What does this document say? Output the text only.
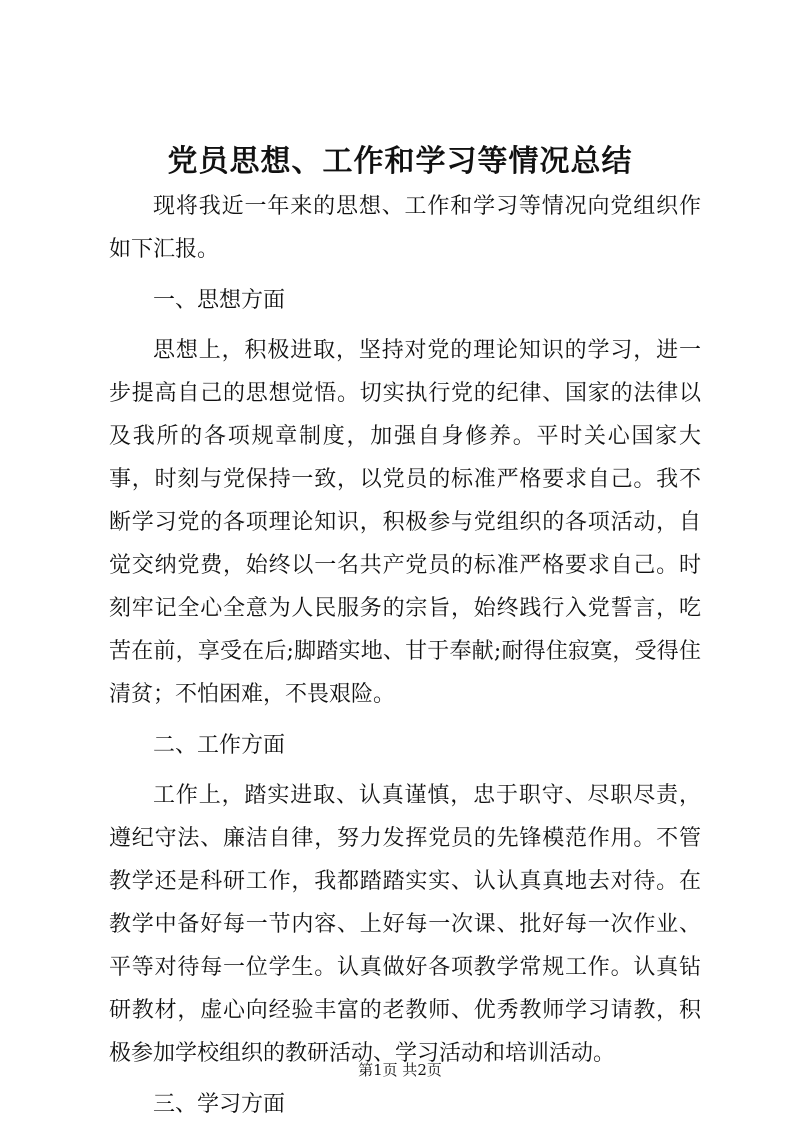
党员思想、工作和学习等情况总结

现将我近一年来的思想、工作和学习等情况向党组织作如下汇报。

一、思想方面

思想上，积极进取，坚持对党的理论知识的学习，进一步提高自己的思想觉悟。切实执行党的纪律、国家的法律以及我所的各项规章制度，加强自身修养。平时关心国家大事，时刻与党保持一致，以党员的标准严格要求自己。我不断学习党的各项理论知识，积极参与党组织的各项活动，自觉交纳党费，始终以一名共产党员的标准严格要求自己。时刻牢记全心全意为人民服务的宗旨，始终践行入党誓言，吃苦在前，享受在后;脚踏实地、甘于奉献;耐得住寂寞，受得住清贫；不怕困难，不畏艰险。

二、工作方面

工作上，踏实进取、认真谨慎，忠于职守、尽职尽责，遵纪守法、廉洁自律，努力发挥党员的先锋模范作用。不管教学还是科研工作，我都踏踏实实、认认真真地去对待。在教学中备好每一节内容、上好每一次课、批好每一次作业、平等对待每一位学生。认真做好各项教学常规工作。认真钻研教材，虚心向经验丰富的老教师、优秀教师学习请教，积极参加学校组织的教研活动、学习活动和培训活动。

三、学习方面

第1页 共2页
